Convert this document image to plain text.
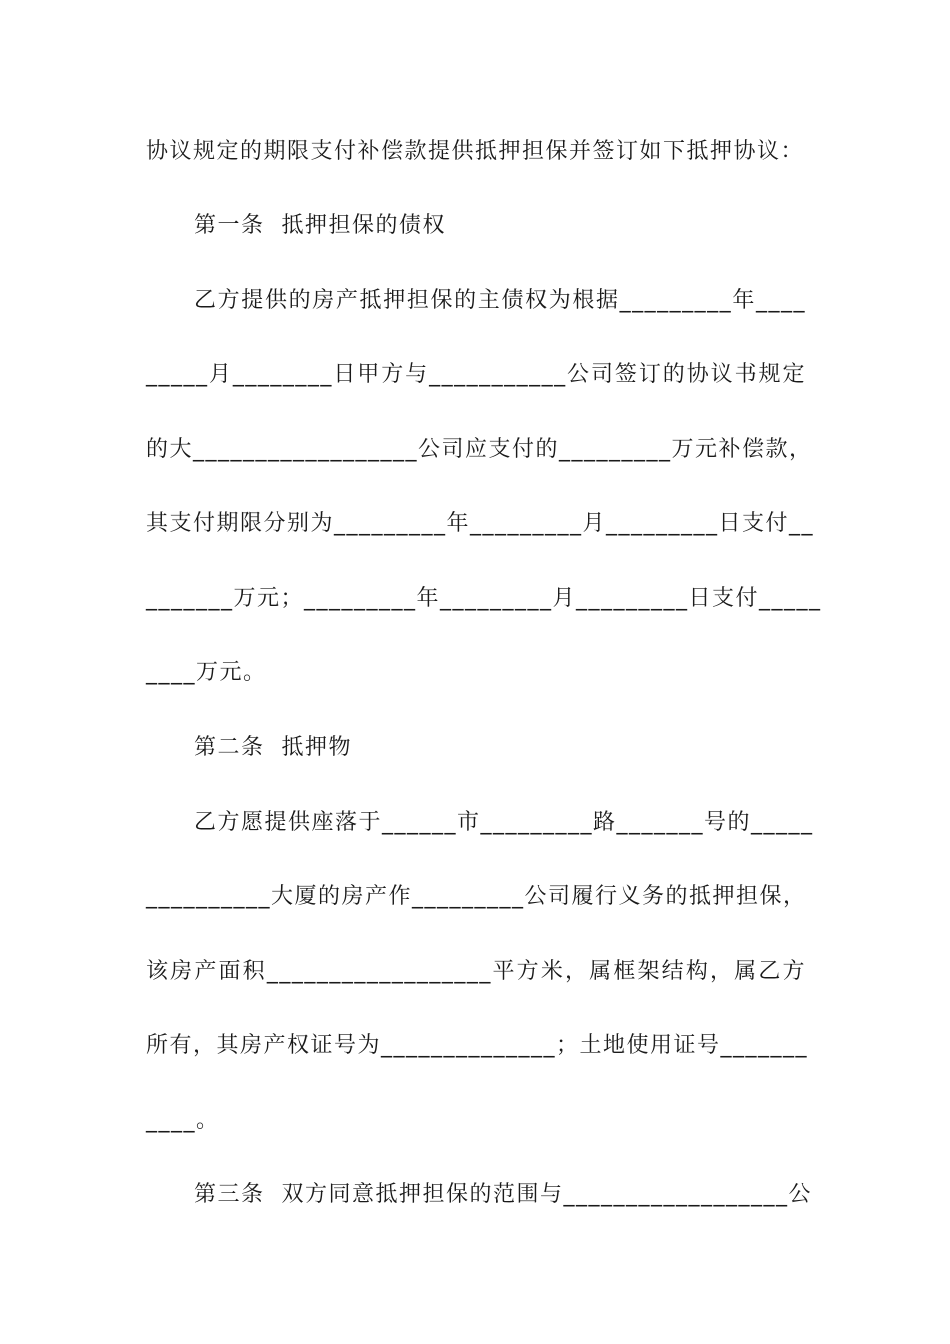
协议规定的期限支付补偿款提供抵押担保并签订如下抵押协议：
第一条  抵押担保的债权
乙方提供的房产抵押担保的主债权为根据_________年____
_____月________日甲方与___________公司签订的协议书规定
的大__________________公司应支付的_________万元补偿款，
其支付期限分别为_________年_________月_________日支付__
_______万元；_________年_________月_________日支付_____
____万元。
第二条  抵押物
乙方愿提供座落于______市_________路_______号的_____
__________大厦的房产作_________公司履行义务的抵押担保，
该房产面积__________________平方米，属框架结构，属乙方
所有，其房产权证号为______________；土地使用证号_______
____。
第三条  双方同意抵押担保的范围与__________________公
